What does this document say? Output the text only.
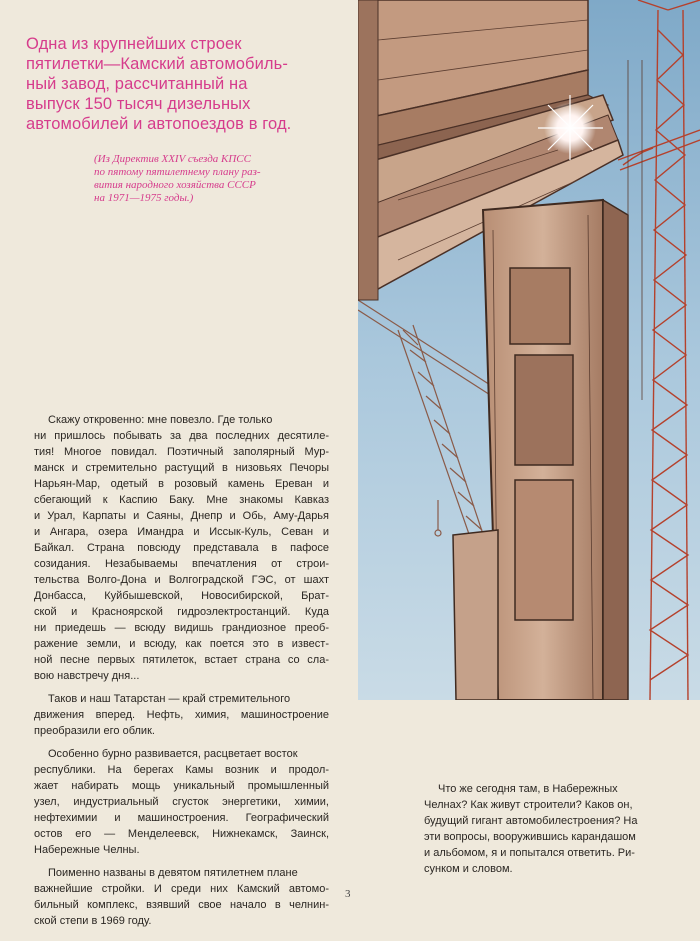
Одна из крупнейших строек
пятилетки—Камский автомобиль-
ный завод, рассчитанный на
выпуск 150 тысяч дизельных
автомобилей и автопоездов в год.
(Из Директив XXIV съезда КПСС
по пятому пятилетнему плану раз-
вития народного хозяйства СССР
на 1971—1975 годы.)

Скажу откровенно: мне повезло. Где только
ни пришлось побывать за два последних десятиле-
тия! Многое повидал. Поэтичный заполярный Мур-
манск и стремительно растущий в низовьях Печоры
Нарьян-Мар, одетый в розовый камень Ереван и
сбегающий к Каспию Баку. Мне знакомы Кавказ
и Урал, Карпаты и Саяны, Днепр и Обь, Аму-Дарья
и Ангара, озера Имандра и Иссык-Куль, Севан и
Байкал. Страна повсюду представала в пафосе
созидания. Незабываемы впечатления от строи-
тельства Волго-Дона и Волгоградской ГЭС, от шахт
Донбасса, Куйбышевской, Новосибирской, Брат-
ской и Красноярской гидроэлектростанций. Куда
ни приедешь — всюду видишь грандиозное преоб-
ражение земли, и всюду, как поется это в извест-
ной песне первых пятилеток, встает страна со сла-
вою навстречу дня...

Таков и наш Татарстан — край стремительного
движения вперед. Нефть, химия, машиностроение
преобразили его облик.

Особенно бурно развивается, расцветает восток
республики. На берегах Камы возник и продол-
жает набирать мощь уникальный промышленный
узел, индустриальный сгусток энергетики, химии,
нефтехимии и машиностроения. Географический
остов его — Менделеевск, Нижнекамск, Заинск,
Набережные Челны.

Поименно названы в девятом пятилетнем плане
важнейшие стройки. И среди них Камский автомо-
бильный комплекс, взявший свое начало в челнин-
ской степи в 1969 году.

Что же сегодня там, в Набережных
Челнах? Как живут строители? Каков он,
будущий гигант автомобилестроения? На
эти вопросы, вооружившись карандашом
и альбомом, я и попытался ответить. Ри-
сунком и словом.
3
